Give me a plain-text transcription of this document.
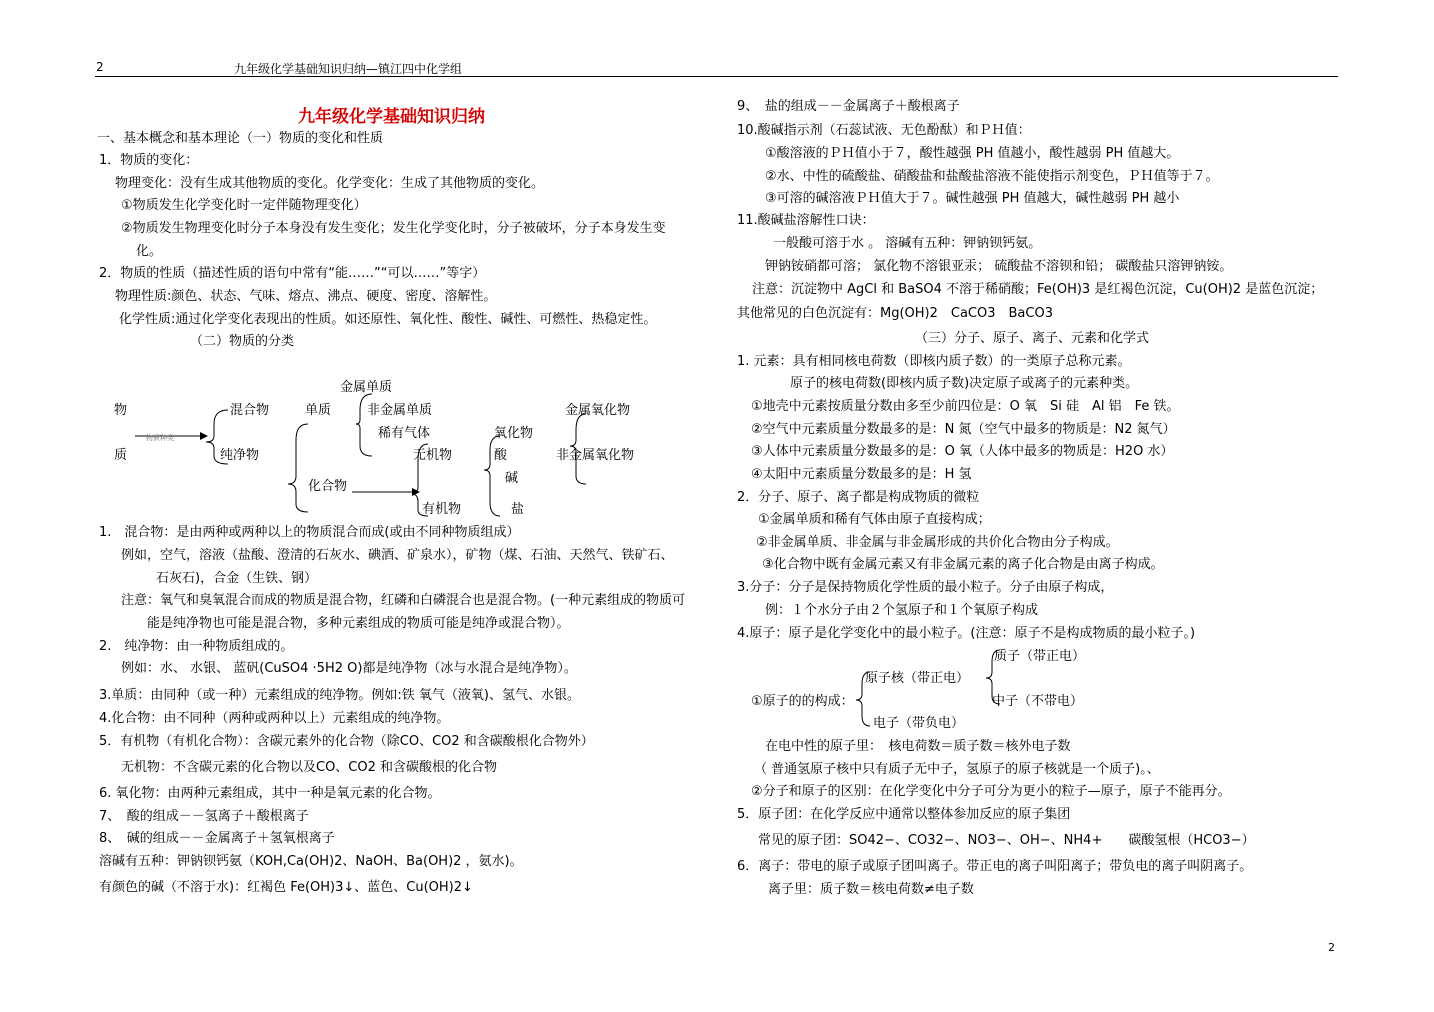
2	九年级化学基础知识归纳—镇江四中化学组
九年级化学基础知识归纳
一、基本概念和基本理论（一）物质的变化和性质
1．物质的变化：
物理变化：没有生成其他物质的变化。化学变化：生成了其他物质的变化。
①物质发生化学变化时一定伴随物理变化）
②物质发生物理变化时分子本身没有发生变化；发生化学变化时，分子被破坏，分子本身发生变
化。
2．物质的性质（描述性质的语句中常有“能……”“可以……”等字）
物理性质:颜色、状态、气味、熔点、沸点、硬度、密度、溶解性。
化学性质:通过化学变化表现出的性质。如还原性、氧化性、酸性、碱性、可燃性、热稳定性。
（二）物质的分类
物
质
物质种类
混合物
纯净物
单质
化合物
金属单质
非金属单质
稀有气体
无机物
有机物
氧化物
酸
碱
盐
金属氧化物
非金属氧化物
1.　混合物：是由两种或两种以上的物质混合而成(或由不同种物质组成）
例如，空气，溶液（盐酸、澄清的石灰水、碘酒、矿泉水），矿物（煤、石油、天然气、铁矿石、
石灰石)，合金（生铁、钢）
注意：氧气和臭氧混合而成的物质是混合物，红磷和白磷混合也是混合物。(一种元素组成的物质可
能是纯净物也可能是混合物，多种元素组成的物质可能是纯净或混合物）。
2.　纯净物：由一种物质组成的。
例如：水、 水银、 蓝矾(CuSO4 ·5H2 O)都是纯净物（冰与水混合是纯净物）。
3.单质：由同种（或一种）元素组成的纯净物。例如:铁 氧气（液氧)、氢气、水银。
4.化合物：由不同种（两种或两种以上）元素组成的纯净物。
5．有机物（有机化合物）：含碳元素外的化合物（除CO、CO2 和含碳酸根化合物外）
无机物：不含碳元素的化合物以及CO、CO2 和含碳酸根的化合物
6. 氧化物：由两种元素组成，其中一种是氧元素的化合物。
7、　酸的组成－－氢离子＋酸根离子
8、　碱的组成－－金属离子＋氢氧根离子
溶碱有五种：钾钠钡钙氨（KOH,Ca(OH)2、NaOH、Ba(OH)2 ，氨水)。
有颜色的碱（不溶于水)：红褐色 Fe(OH)3↓、蓝色、Cu(OH)2↓
9、　盐的组成－－金属离子＋酸根离子
10.酸碱指示剂（石蕊试液、无色酚酞）和ＰＨ值：
①酸溶液的ＰＨ值小于７，酸性越强 PH 值越小，酸性越弱 PH 值越大。
②水、中性的硫酸盐、硝酸盐和盐酸盐溶液不能使指示剂变色，ＰＨ值等于７。
③可溶的碱溶液ＰＨ值大于７。碱性越强 PH 值越大，碱性越弱 PH 越小
11.酸碱盐溶解性口诀：
一般酸可溶于水 。 溶碱有五种：钾钠钡钙氨。
钾钠铵硝都可溶； 氯化物不溶银亚汞； 硫酸盐不溶钡和铅； 碳酸盐只溶钾钠铵。
注意：沉淀物中 AgCl 和 BaSO4 不溶于稀硝酸；Fe(OH)3 是红褐色沉淀，Cu(OH)2 是蓝色沉淀；
其他常见的白色沉淀有：Mg(OH)2　CaCO3　BaCO3
（三）分子、原子、离子、元素和化学式
1. 元素：具有相同核电荷数（即核内质子数）的一类原子总称元素。
原子的核电荷数(即核内质子数)决定原子或离子的元素种类。
①地壳中元素按质量分数由多至少前四位是：O 氧　Si 硅　Al 铝　Fe 铁。
②空气中元素质量分数最多的是：N 氮（空气中最多的物质是：N2 氮气）
③人体中元素质量分数最多的是：O 氧（人体中最多的物质是：H2O 水）
④太阳中元素质量分数最多的是：H 氢
2．分子、原子、离子都是构成物质的微粒
①金属单质和稀有气体由原子直接构成；
②非金属单质、非金属与非金属形成的共价化合物由分子构成。
③化合物中既有金属元素又有非金属元素的离子化合物是由离子构成。
3.分子：分子是保持物质化学性质的最小粒子。分子由原子构成，
例：１个水分子由２个氢原子和１个氧原子构成
4.原子：原子是化学变化中的最小粒子。(注意：原子不是构成物质的最小粒子。)
①原子的的构成：
原子核（带正电）
质子（带正电）
中子（不带电）
电子（带负电）
在电中性的原子里：　核电荷数＝质子数＝核外电子数
（ 普通氢原子核中只有质子无中子，氢原子的原子核就是一个质子)。、
②分子和原子的区别：在化学变化中分子可分为更小的粒子—原子，原子不能再分。
5．原子团：在化学反应中通常以整体参加反应的原子集团
常见的原子团：SO42−、CO32−、NO3−、OH−、NH4+　　碳酸氢根（HCO3−）
6．离子：带电的原子或原子团叫离子。带正电的离子叫阳离子；带负电的离子叫阴离子。
离子里：质子数＝核电荷数≠电子数
2
